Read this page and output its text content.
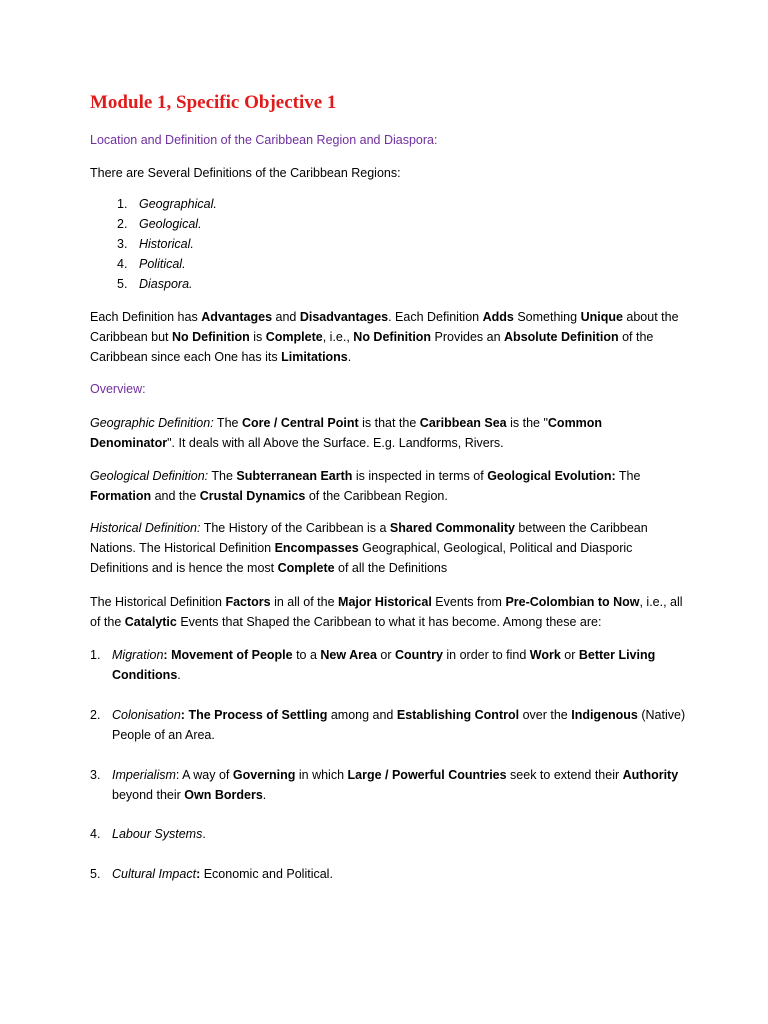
Module 1, Specific Objective 1

Location and Definition of the Caribbean Region and Diaspora:

There are Several Definitions of the Caribbean Regions:

1. Geographical.
2. Geological.
3. Historical.
4. Political.
5. Diaspora.

Each Definition has Advantages and Disadvantages. Each Definition Adds Something Unique about the Caribbean but No Definition is Complete, i.e., No Definition Provides an Absolute Definition of the Caribbean since each One has its Limitations.

Overview:

Geographic Definition: The Core / Central Point is that the Caribbean Sea is the "Common Denominator". It deals with all Above the Surface. E.g. Landforms, Rivers.

Geological Definition: The Subterranean Earth is inspected in terms of Geological Evolution: The Formation and the Crustal Dynamics of the Caribbean Region.

Historical Definition: The History of the Caribbean is a Shared Commonality between the Caribbean Nations. The Historical Definition Encompasses Geographical, Geological, Political and Diasporic Definitions and is hence the most Complete of all the Definitions

The Historical Definition Factors in all of the Major Historical Events from Pre-Colombian to Now, i.e., all of the Catalytic Events that Shaped the Caribbean to what it has become. Among these are:

1. Migration: Movement of People to a New Area or Country in order to find Work or Better Living Conditions.
2. Colonisation: The Process of Settling among and Establishing Control over the Indigenous (Native) People of an Area.
3. Imperialism: A way of Governing in which Large / Powerful Countries seek to extend their Authority beyond their Own Borders.
4. Labour Systems.
5. Cultural Impact: Economic and Political.
